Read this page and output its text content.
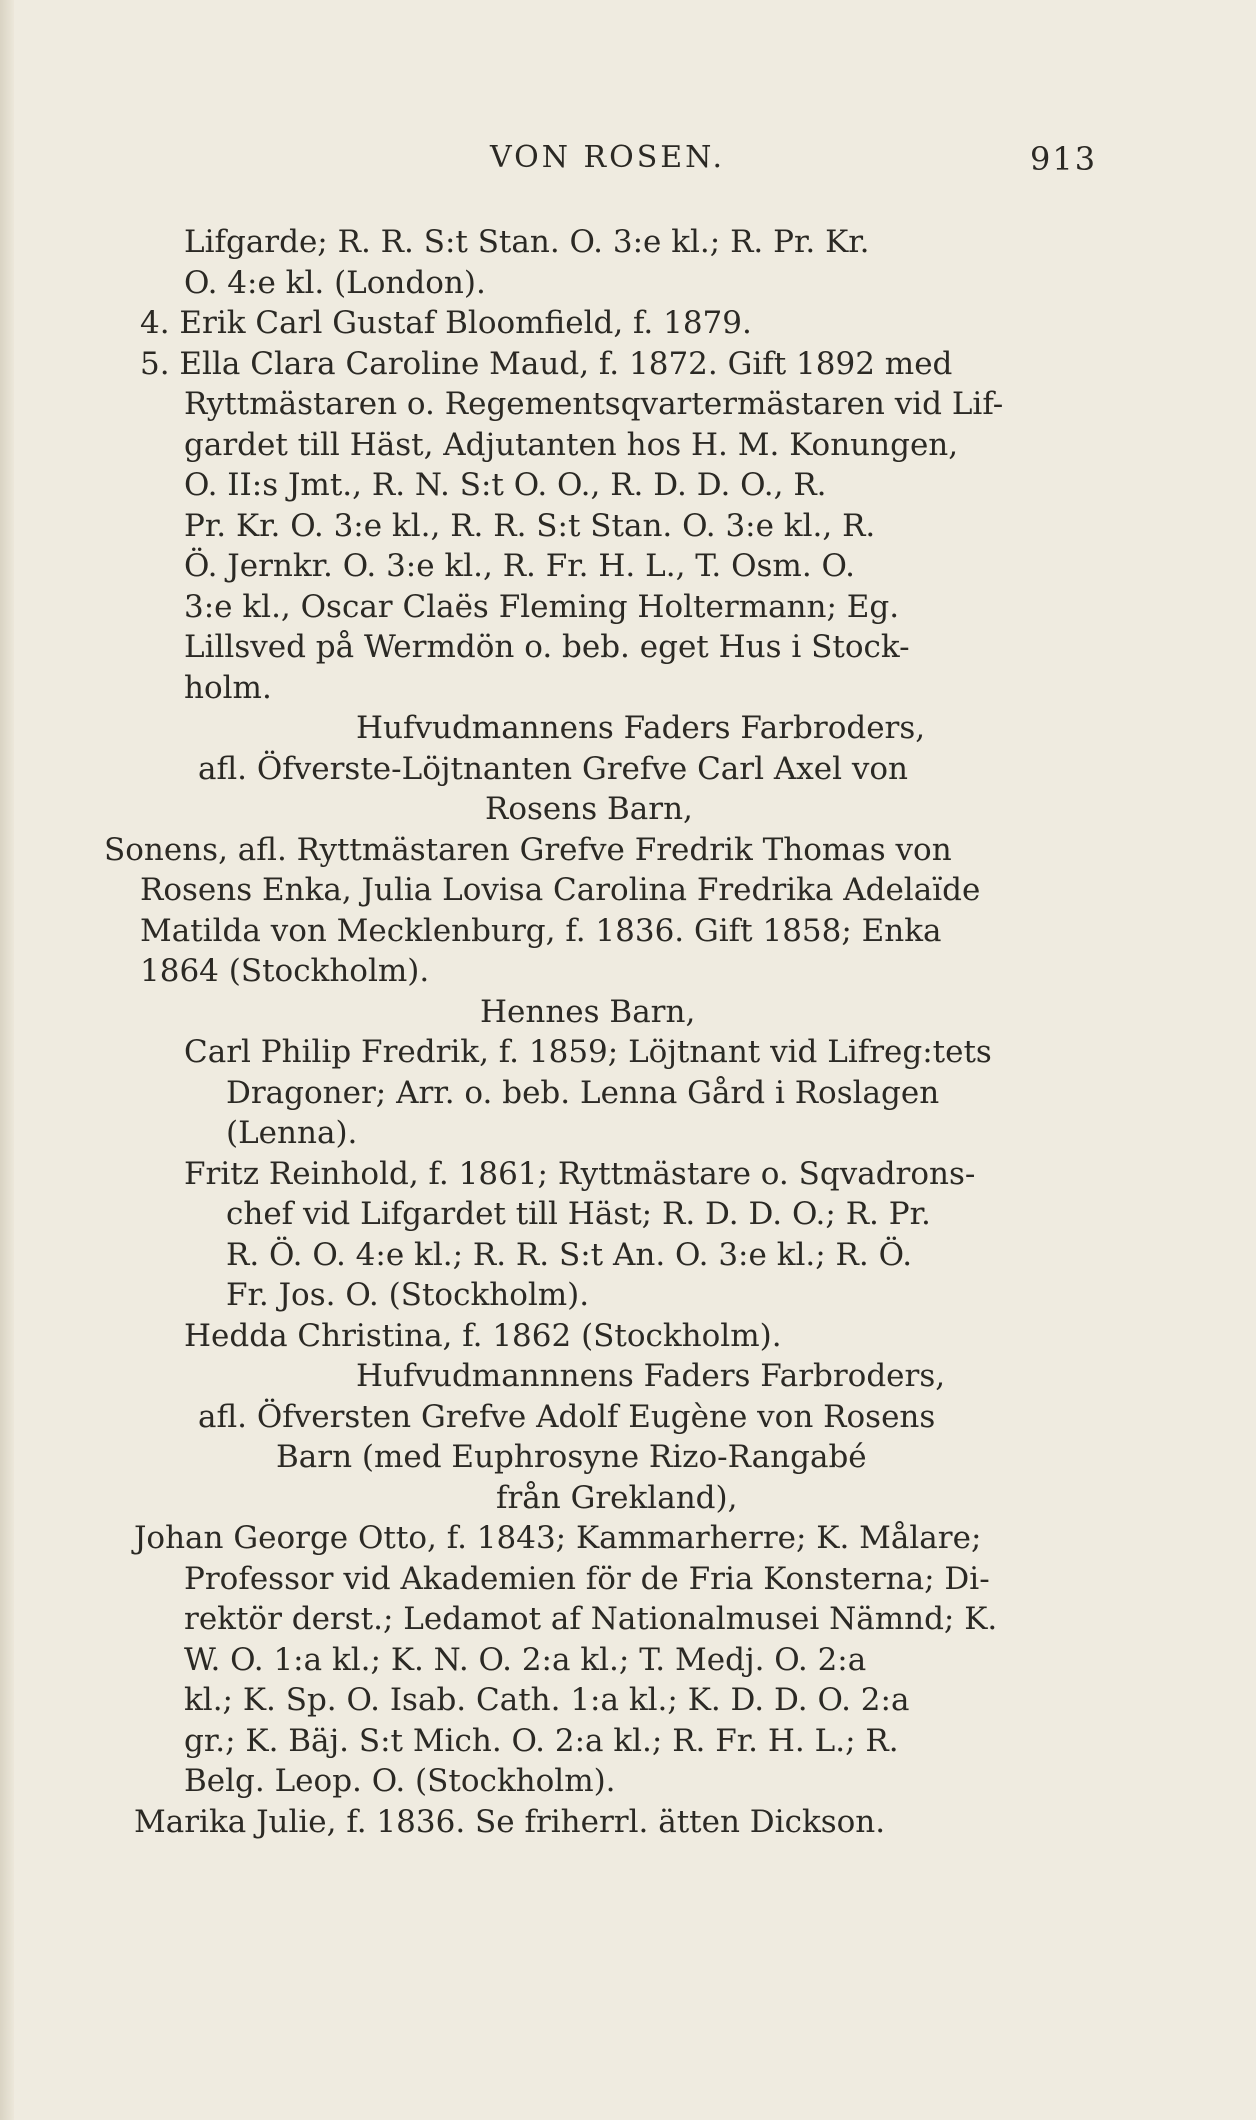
VON ROSEN.	913
Lifgarde; R. R. S:t Stan. O. 3:e kl.; R. Pr. Kr.
O. 4:e kl. (London).
4. Erik Carl Gustaf Bloomfield, f. 1879.
5. Ella Clara Caroline Maud, f. 1872. Gift 1892 med
Ryttmästaren o. Regementsqvartermästaren vid Lif-
gardet till Häst, Adjutanten hos H. M. Konungen,
O. II:s Jmt., R. N. S:t O. O., R. D. D. O., R.
Pr. Kr. O. 3:e kl., R. R. S:t Stan. O. 3:e kl., R.
Ö. Jernkr. O. 3:e kl., R. Fr. H. L., T. Osm. O.
3:e kl., Oscar Claës Fleming Holtermann; Eg.
Lillsved på Wermdön o. beb. eget Hus i Stock-
holm.
Hufvudmannens Faders Farbroders,
afl. Öfverste-Löjtnanten Grefve Carl Axel von
Rosens Barn,
Sonens, afl. Ryttmästaren Grefve Fredrik Thomas von
Rosens Enka, Julia Lovisa Carolina Fredrika Adelaïde
Matilda von Mecklenburg, f. 1836. Gift 1858; Enka
1864 (Stockholm).
Hennes Barn,
Carl Philip Fredrik, f. 1859; Löjtnant vid Lifreg:tets
Dragoner; Arr. o. beb. Lenna Gård i Roslagen
(Lenna).
Fritz Reinhold, f. 1861; Ryttmästare o. Sqvadrons-
chef vid Lifgardet till Häst; R. D. D. O.; R. Pr.
R. Ö. O. 4:e kl.; R. R. S:t An. O. 3:e kl.; R. Ö.
Fr. Jos. O. (Stockholm).
Hedda Christina, f. 1862 (Stockholm).
Hufvudmannnens Faders Farbroders,
afl. Öfversten Grefve Adolf Eugène von Rosens
Barn (med Euphrosyne Rizo-Rangabé
från Grekland),
Johan George Otto, f. 1843; Kammarherre; K. Målare;
Professor vid Akademien för de Fria Konsterna; Di-
rektör derst.; Ledamot af Nationalmusei Nämnd; K.
W. O. 1:a kl.; K. N. O. 2:a kl.; T. Medj. O. 2:a
kl.; K. Sp. O. Isab. Cath. 1:a kl.; K. D. D. O. 2:a
gr.; K. Bäj. S:t Mich. O. 2:a kl.; R. Fr. H. L.; R.
Belg. Leop. O. (Stockholm).
Marika Julie, f. 1836. Se friherrl. ätten Dickson.
